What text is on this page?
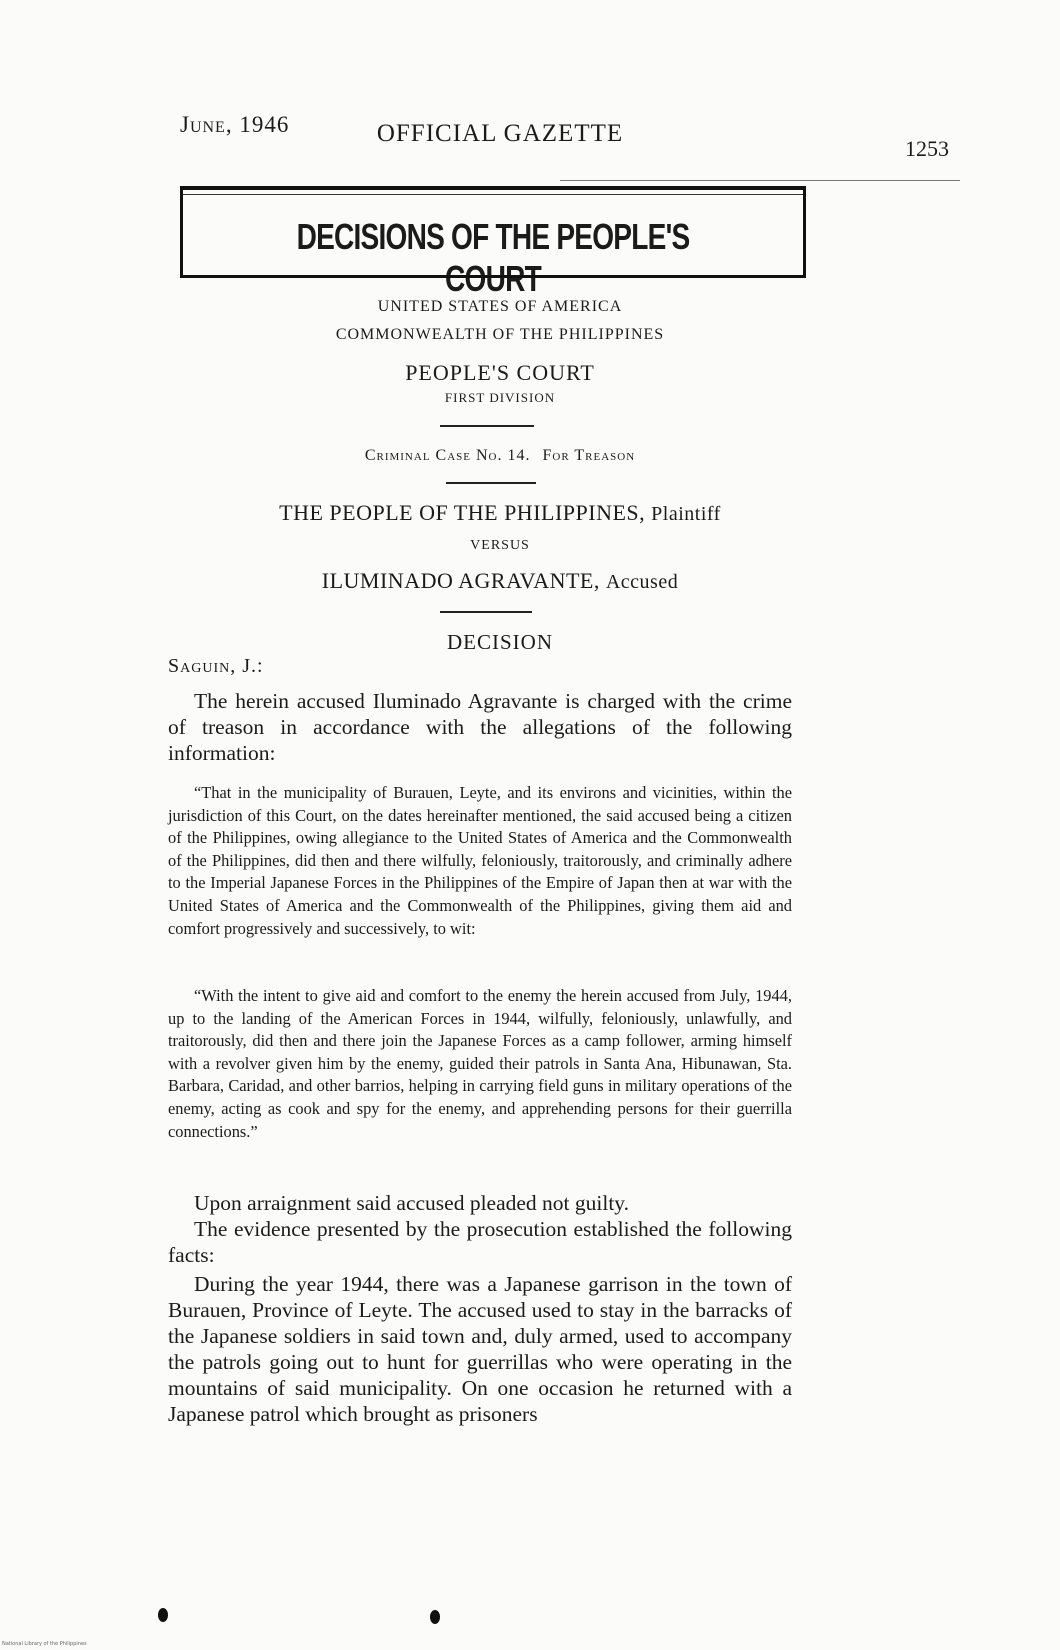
June, 1946	OFFICIAL GAZETTE
1253
DECISIONS OF THE PEOPLE'S COURT
UNITED STATES OF AMERICA
COMMONWEALTH OF THE PHILIPPINES
PEOPLE'S COURT
FIRST DIVISION
Criminal Case No. 14. For Treason
THE PEOPLE OF THE PHILIPPINES, Plaintiff
VERSUS
ILUMINADO AGRAVANTE, Accused
DECISION
Saguin, J.:
The herein accused Iluminado Agravante is charged with the crime of treason in accordance with the allegations of the following information:
“That in the municipality of Burauen, Leyte, and its environs and vicinities, within the jurisdiction of this Court, on the dates hereinafter mentioned, the said accused being a citizen of the Philippines, owing allegiance to the United States of America and the Commonwealth of the Philippines, did then and there wilfully, feloniously, traitorously, and criminally adhere to the Imperial Japanese Forces in the Philippines of the Empire of Japan then at war with the United States of America and the Commonwealth of the Philippines, giving them aid and comfort progressively and successively, to wit:
“With the intent to give aid and comfort to the enemy the herein accused from July, 1944, up to the landing of the American Forces in 1944, wilfully, feloniously, unlawfully, and traitorously, did then and there join the Japanese Forces as a camp follower, arming himself with a revolver given him by the enemy, guided their patrols in Santa Ana, Hibunawan, Sta. Barbara, Caridad, and other barrios, helping in carrying field guns in military operations of the enemy, acting as cook and spy for the enemy, and apprehending persons for their guerrilla connections.”
Upon arraignment said accused pleaded not guilty.
The evidence presented by the prosecution established the following facts:
During the year 1944, there was a Japanese garrison in the town of Burauen, Province of Leyte. The accused used to stay in the barracks of the Japanese soldiers in said town and, duly armed, used to accompany the patrols going out to hunt for guerrillas who were operating in the mountains of said municipality. On one occasion he returned with a Japanese patrol which brought as prisoners
National Library of the Philippines
